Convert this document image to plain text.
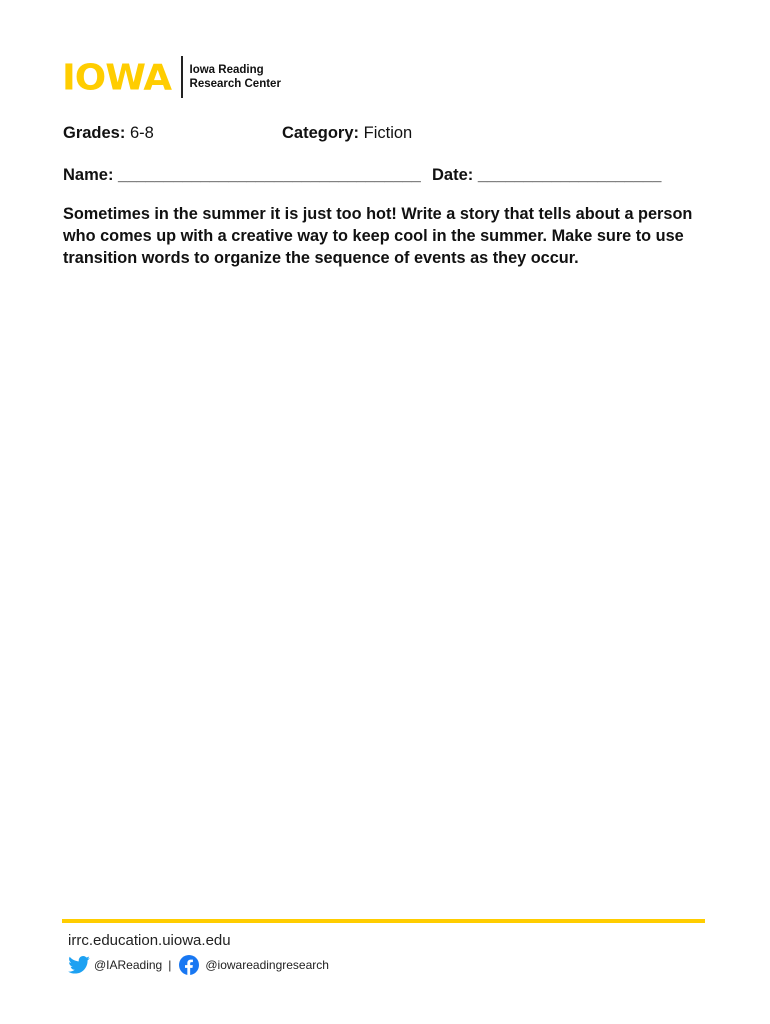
IOWA Iowa Reading
Research Center
Grades: 6-8	Category: Fiction
Name: _________________________________ Date: ____________________
Sometimes in the summer it is just too hot! Write a story that tells about a person who comes up with a creative way to keep cool in the summer. Make sure to use transition words to organize the sequence of events as they occur.
irrc.education.uiowa.edu
@IAReading |	@iowareadingresearch
